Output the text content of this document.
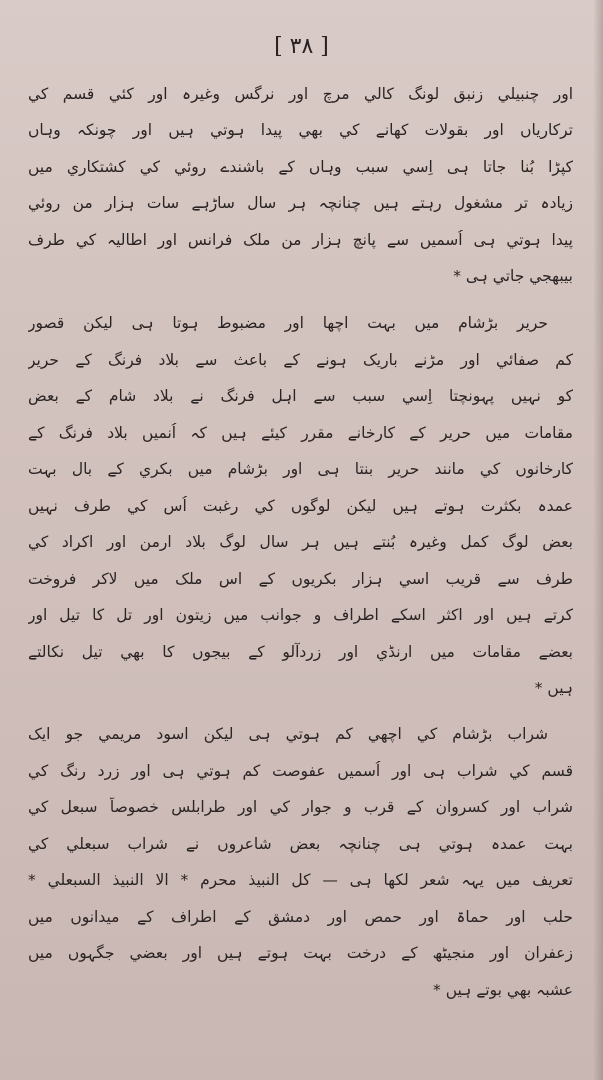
[ ۳۸ ]
اور چنبیلي زنبق لونگ کالي مرچ اور نرگس وغیرہ اور کئي قسم کي
ترکاریاں اور بقولات کھانے کي بھي پیدا ہوتي ہیں اور چونکہ وہاں
کپڑا بُنا جاتا ہی اِسي سبب وہاں کے باشندے روئي کي کشتکاري میں
زیادہ تر مشغول رہتے ہیں چنانچہ ہر سال ساڑہے سات ہزار من روئي
پیدا ہوتي ہی اُسمیں سے پانچ ہزار من ملک فرانس اور اطالیہ کي طرف
بیبھجي جاتي ہی *
حریر بڑشام میں بہت اچھا اور مضبوط ہوتا ہی لیکن قصور
کم صفائي اور مڑنے باریک ہونے کے باعث سے بلاد فرنگ کے حریر
کو نہیں پہونچتا اِسي سبب سے اہل فرنگ نے بلاد شام کے بعض
مقامات میں حریر کے کارخانے مقرر کیئے ہیں کہ اُنمیں بلاد فرنگ کے
کارخانوں کي مانند حریر بنتا ہی اور بڑشام میں بکري کے بال بہت
عمدہ بکثرت ہوتے ہیں لیکن لوگوں کي رغبت اُس کي طرف نہیں
بعض لوگ کمل وغیرہ بُنتے ہیں ہر سال لوگ بلاد ارمن اور اکراد کي
طرف سے قریب اسي ہزار بکریوں کے اس ملک میں لاکر فروخت
کرتے ہیں اور اکثر اسکے اطراف و جوانب میں زیتون اور تل کا تیل اور
بعضے مقامات میں ارنڈي اور زردآلو کے بیجوں کا بھي تیل نکالتے
ہیں *
شراب بڑشام کي اچھي کم ہوتي ہی لیکن اسود مریمي جو ایک
قسم کي شراب ہی اور اُسمیں عفوصت کم ہوتي ہی اور زرد رنگ کي
شراب اور کسروان کے قرب و جوار کي اور طرابلس خصوصاً سبعل کي
بہت عمدہ ہوتي ہی چنانچہ بعض شاعروں نے شراب سبعلي کي
تعریف میں یہہ شعر لکھا ہی — کل النبیذ محرم * الا النبیذ السبعلي *
حلب اور حماۃ اور حمص اور دمشق کے اطراف کے میدانوں میں
زعفران اور منجیٹھ کے درخت بہت ہوتے ہیں اور بعضي جگہوں میں
عشبہ بھي بوتے ہیں *
